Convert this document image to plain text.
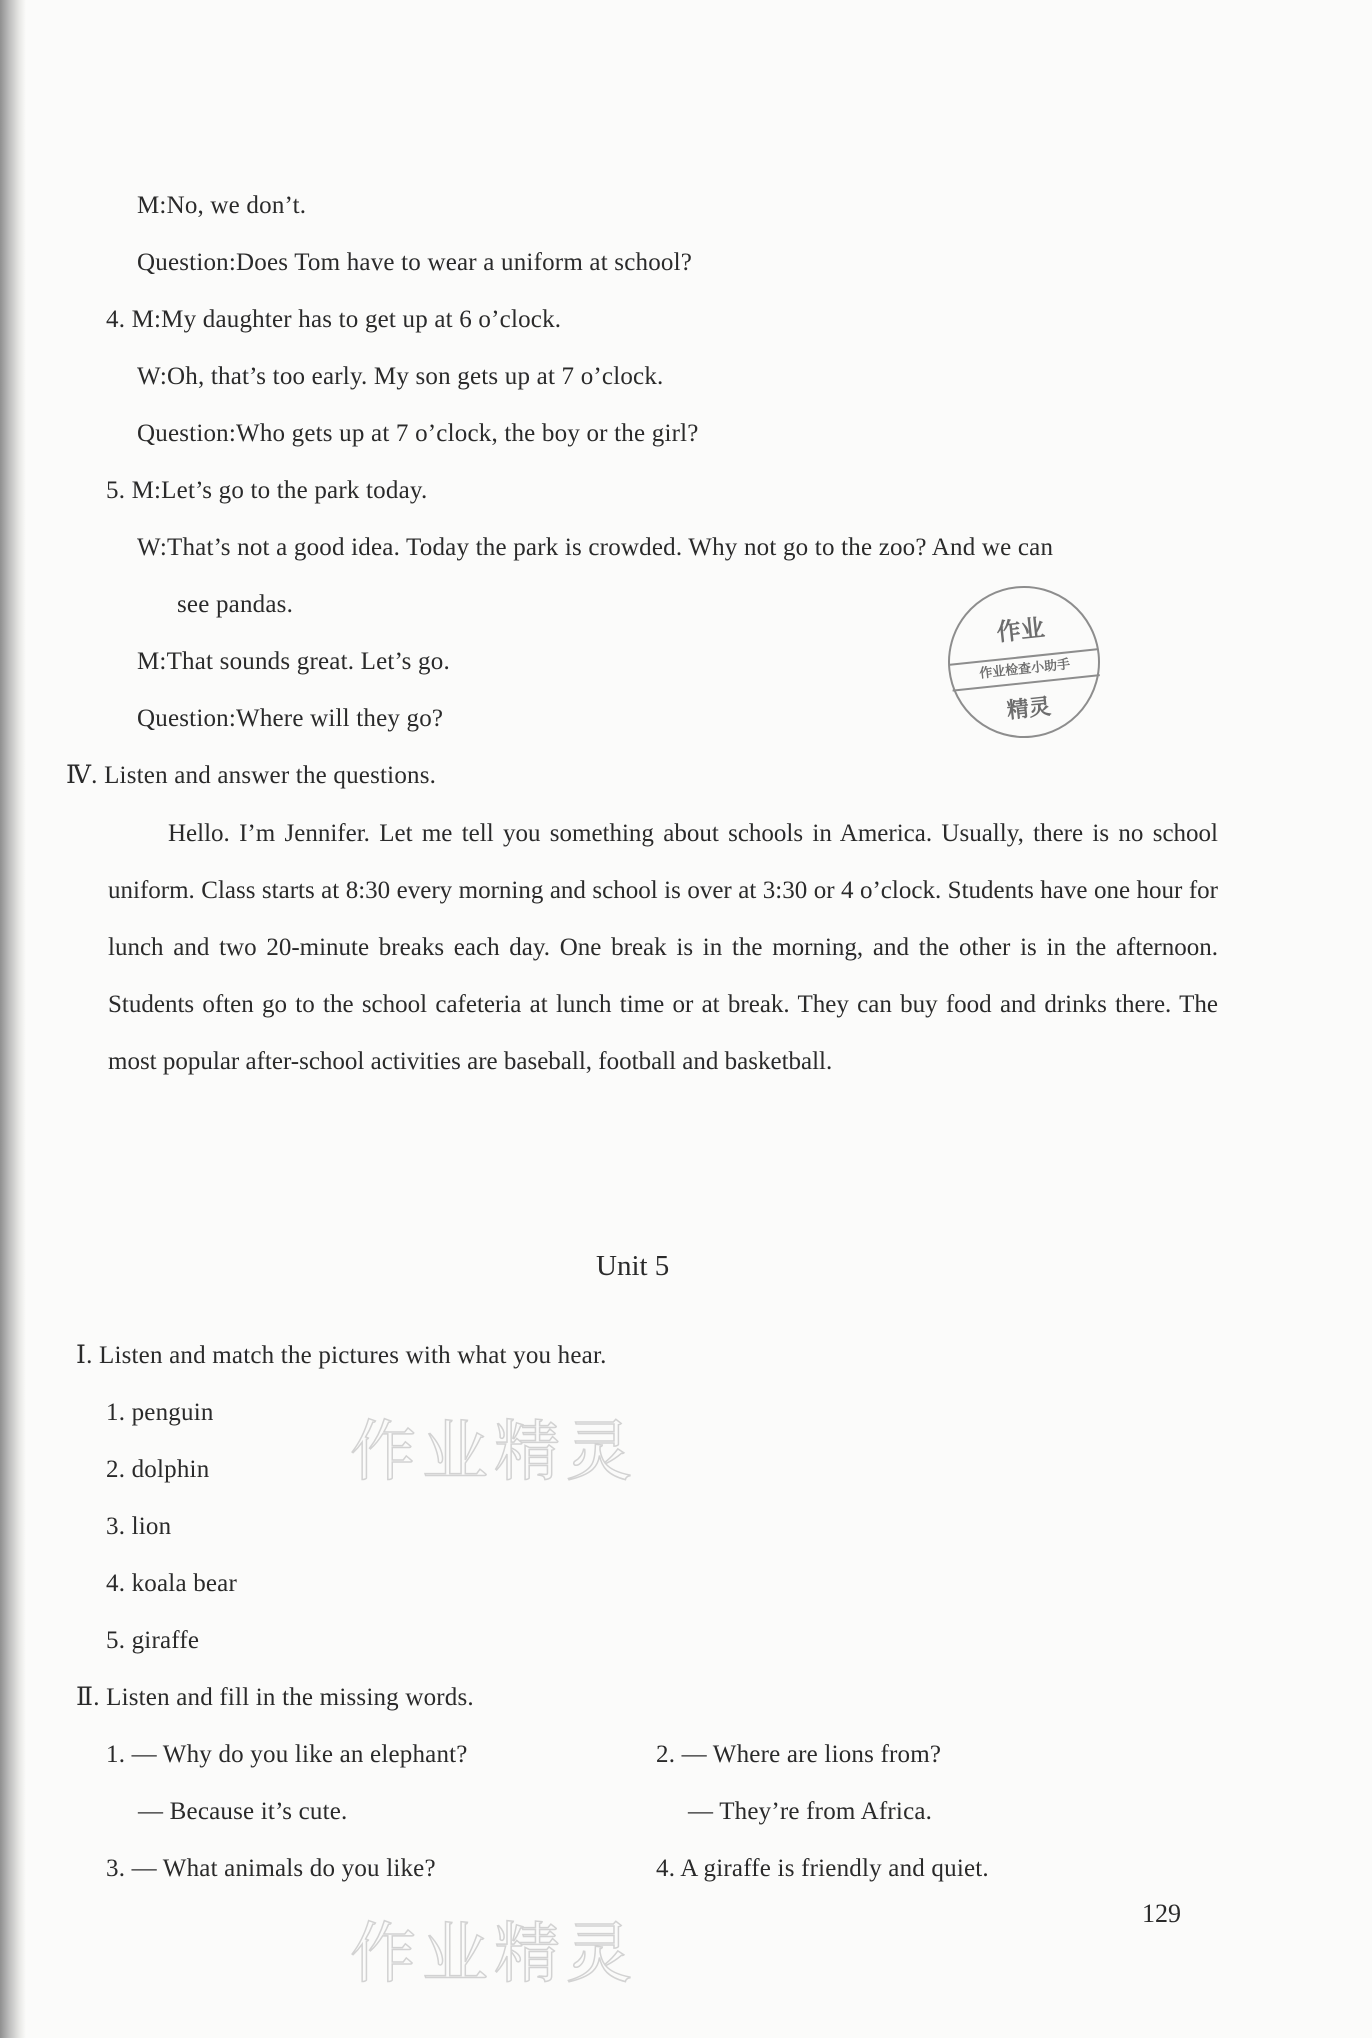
M:No, we don’t.
Question:Does Tom have to wear a uniform at school?
4. M:My daughter has to get up at 6 o’clock.
W:Oh, that’s too early. My son gets up at 7 o’clock.
Question:Who gets up at 7 o’clock, the boy or the girl?
5. M:Let’s go to the park today.
W:That’s not a good idea. Today the park is crowded. Why not go to the zoo? And we can
see pandas.
M:That sounds great. Let’s go.
Question:Where will they go?
作业
作业检查小助手
精灵
Ⅳ. Listen and answer the questions.
Hello. I’m Jennifer. Let me tell you something about schools in America. Usually, there is no school uniform. Class starts at 8:30 every morning and school is over at 3:30 or 4 o’clock. Students have one hour for lunch and two 20-minute breaks each day. One break is in the morning, and the other is in the afternoon. Students often go to the school cafeteria at lunch time or at break. They can buy food and drinks there. The most popular after-school activities are baseball, football and basketball.
Unit 5
Ⅰ. Listen and match the pictures with what you hear.
1. penguin
2. dolphin
3. lion
4. koala bear
5. giraffe
Ⅱ. Listen and fill in the missing words.
1. — Why do you like an elephant?
— Because it’s cute.
2. — Where are lions from?
— They’re from Africa.
3. — What animals do you like?	4. A giraffe is friendly and quiet.
作业精灵
作业精灵
129
